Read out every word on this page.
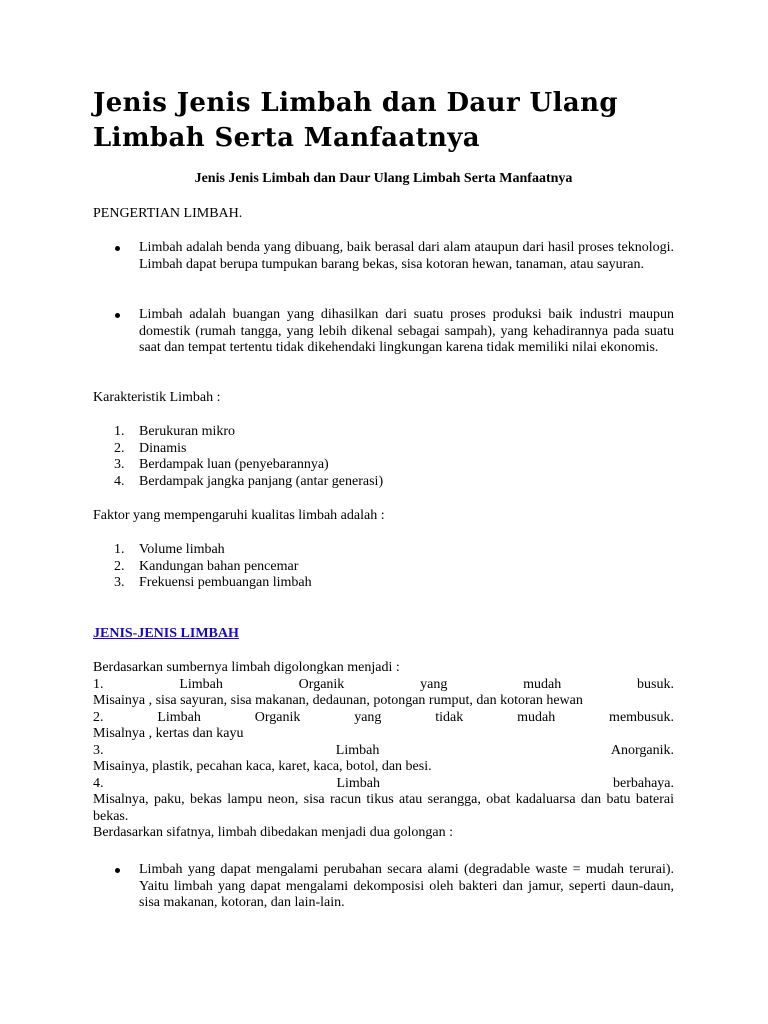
Jenis Jenis Limbah dan Daur Ulang
Limbah Serta Manfaatnya
Jenis Jenis Limbah dan Daur Ulang Limbah Serta Manfaatnya
PENGERTIAN LIMBAH.
Limbah adalah benda yang dibuang, baik berasal dari alam ataupun dari hasil proses teknologi. Limbah dapat berupa tumpukan barang bekas, sisa kotoran hewan, tanaman, atau sayuran.
Limbah adalah buangan yang dihasilkan dari suatu proses produksi baik industri maupun domestik (rumah tangga, yang lebih dikenal sebagai sampah), yang kehadirannya pada suatu saat dan tempat tertentu tidak dikehendaki lingkungan karena tidak memiliki nilai ekonomis.
Karakteristik Limbah :
1. Berukuran mikro
2. Dinamis
3. Berdampak luan (penyebarannya)
4. Berdampak jangka panjang (antar generasi)
Faktor yang mempengaruhi kualitas limbah adalah :
1. Volume limbah
2. Kandungan bahan pencemar
3. Frekuensi pembuangan limbah
JENIS-JENIS LIMBAH
Berdasarkan sumbernya limbah digolongkan menjadi :
1. Limbah Organik yang mudah busuk.
Misainya , sisa sayuran, sisa makanan, dedaunan, potongan rumput, dan kotoran hewan
2. Limbah Organik yang tidak mudah membusuk.
Misalnya , kertas dan kayu
3. Limbah Anorganik.
Misainya, plastik, pecahan kaca, karet, kaca, botol, dan besi.
4. Limbah berbahaya.
Misalnya, paku, bekas lampu neon, sisa racun tikus atau serangga, obat kadaluarsa dan batu baterai bekas.
Berdasarkan sifatnya, limbah dibedakan menjadi dua golongan :
Limbah yang dapat mengalami perubahan secara alami (degradable waste = mudah terurai). Yaitu limbah yang dapat mengalami dekomposisi oleh bakteri dan jamur, seperti daun-daun, sisa makanan, kotoran, dan lain-lain.
